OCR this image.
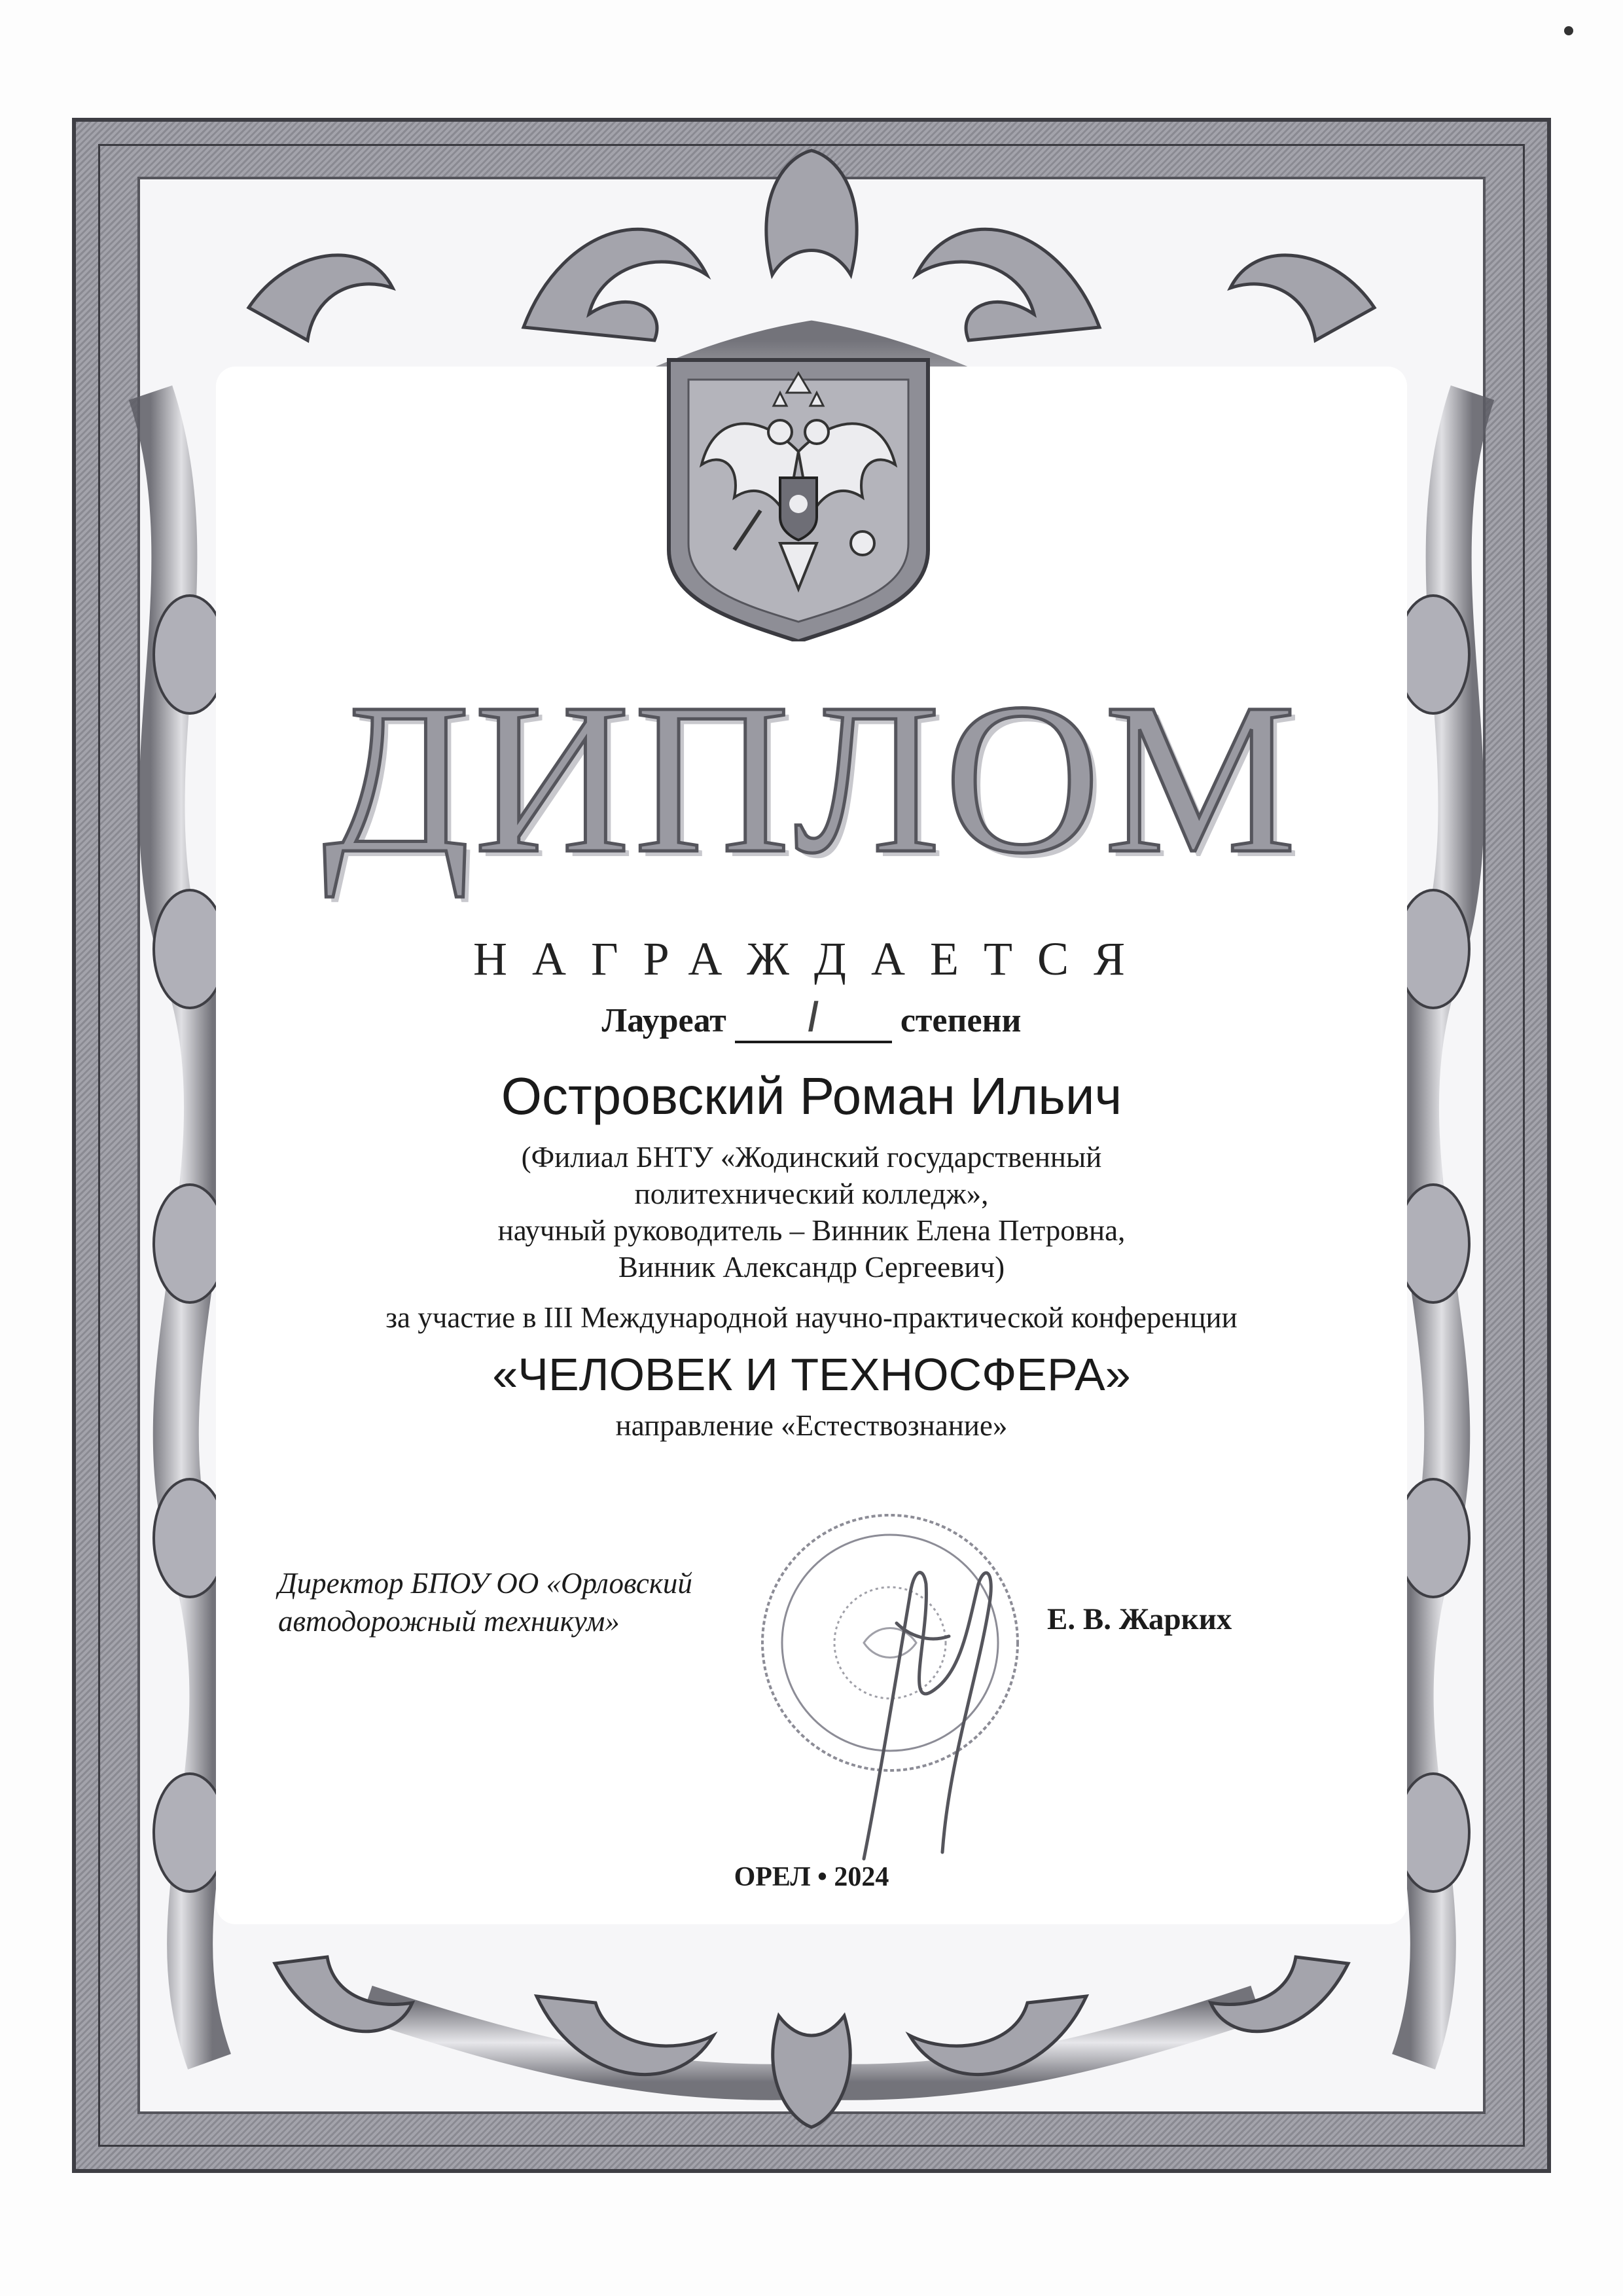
ДИПЛОМ
НАГРАЖДАЕТСЯ
Лауреат I степени
Островский Роман Ильич
(Филиал БНТУ «Жодинский государственный
политехнический колледж»,
научный руководитель – Винник Елена Петровна,
Винник Александр Сергеевич)
за участие в III Международной научно-практической конференции
«ЧЕЛОВЕК И ТЕХНОСФЕРА»
направление «Естествознание»
Директор БПОУ ОО «Орловский
автодорожный техникум»	Е. В. Жарких
ОРЕЛ • 2024
